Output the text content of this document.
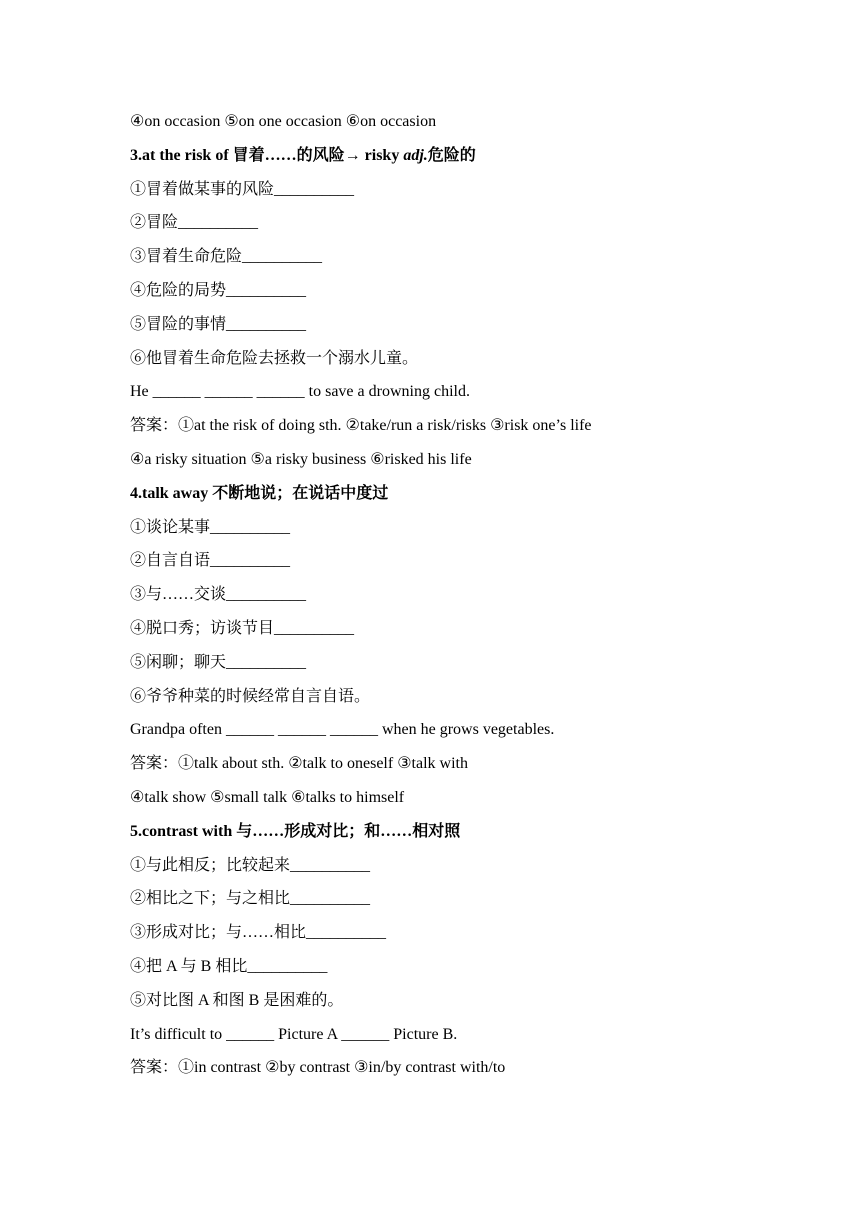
④on occasion ⑤on one occasion ⑥on occasion
3.at the risk of 冒着……的风险→ risky adj.危险的
①冒着做某事的风险__________
②冒险__________
③冒着生命危险__________
④危险的局势__________
⑤冒险的事情__________
⑥他冒着生命危险去拯救一个溺水儿童。
He ______ ______ ______ to save a drowning child.
答案：①at the risk of doing sth. ②take/run a risk/risks ③risk one’s life
④a risky situation ⑤a risky business ⑥risked his life
4.talk away 不断地说；在说话中度过
①谈论某事__________
②自言自语__________
③与……交谈__________
④脱口秀；访谈节目__________
⑤闲聊；聊天__________
⑥爷爷种菜的时候经常自言自语。
Grandpa often ______ ______ ______ when he grows vegetables.
答案：①talk about sth. ②talk to oneself ③talk with
④talk show ⑤small talk ⑥talks to himself
5.contrast with 与……形成对比；和……相对照
①与此相反；比较起来__________
②相比之下；与之相比__________
③形成对比；与……相比__________
④把 A 与 B 相比__________
⑤对比图 A 和图 B 是困难的。
It’s difficult to ______ Picture A ______ Picture B.
答案：①in contrast ②by contrast ③in/by contrast with/to
